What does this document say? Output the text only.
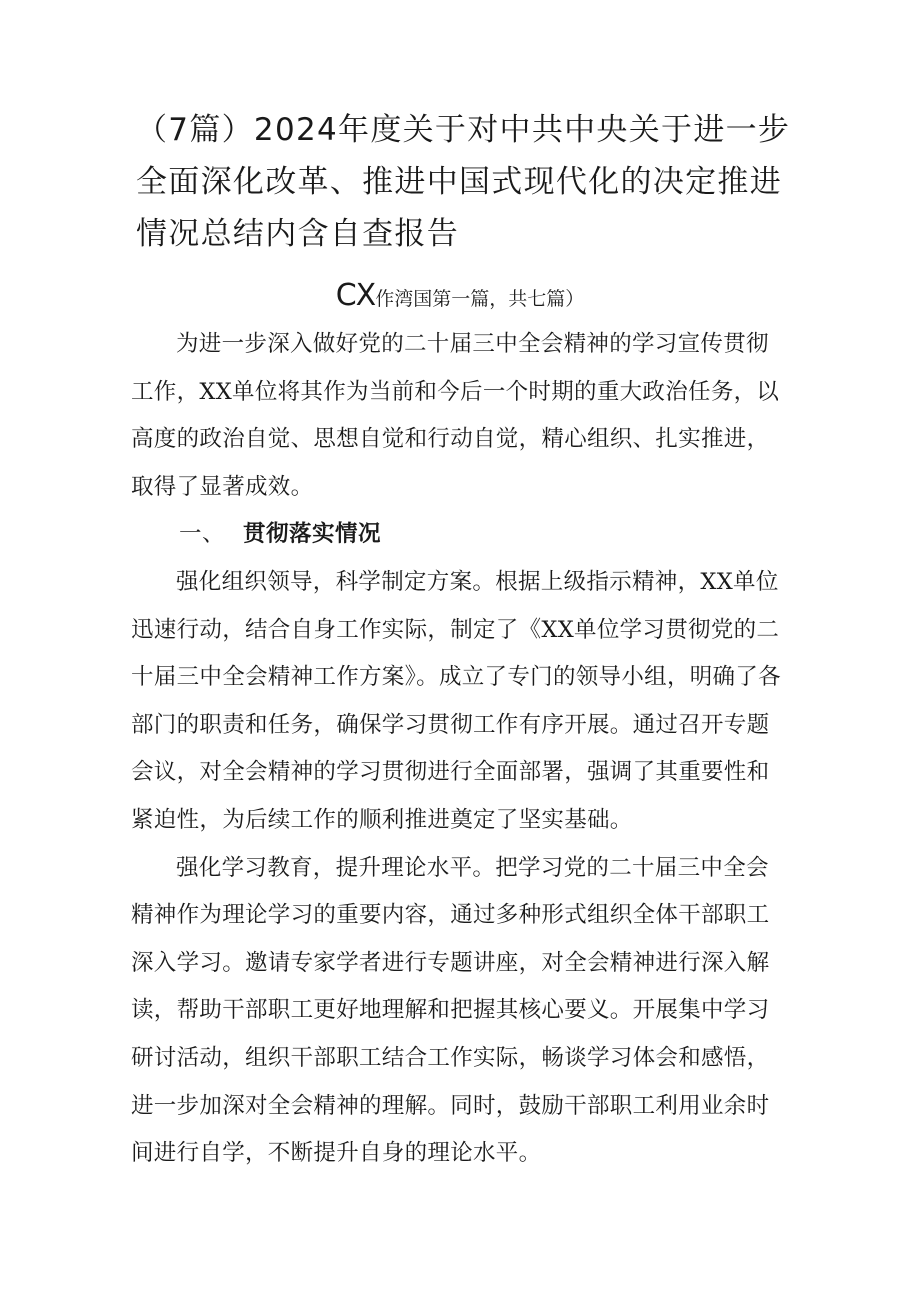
（7篇）2024年度关于对中共中央关于进一步全面深化改革、推进中国式现代化的决定推进情况总结内含自查报告
CX作湾国第一篇，共七篇）

为进一步深入做好党的二十届三中全会精神的学习宣传贯彻工作，XX单位将其作为当前和今后一个时期的重大政治任务，以高度的政治自觉、思想自觉和行动自觉，精心组织、扎实推进，取得了显著成效。

一、 贯彻落实情况

强化组织领导，科学制定方案。根据上级指示精神，XX单位迅速行动，结合自身工作实际，制定了《XX单位学习贯彻党的二十届三中全会精神工作方案》。成立了专门的领导小组，明确了各部门的职责和任务，确保学习贯彻工作有序开展。通过召开专题会议，对全会精神的学习贯彻进行全面部署，强调了其重要性和紧迫性，为后续工作的顺利推进奠定了坚实基础。

强化学习教育，提升理论水平。把学习党的二十届三中全会精神作为理论学习的重要内容，通过多种形式组织全体干部职工深入学习。邀请专家学者进行专题讲座，对全会精神进行深入解读，帮助干部职工更好地理解和把握其核心要义。开展集中学习研讨活动，组织干部职工结合工作实际，畅谈学习体会和感悟，进一步加深对全会精神的理解。同时，鼓励干部职工利用业余时间进行自学，不断提升自身的理论水平。
